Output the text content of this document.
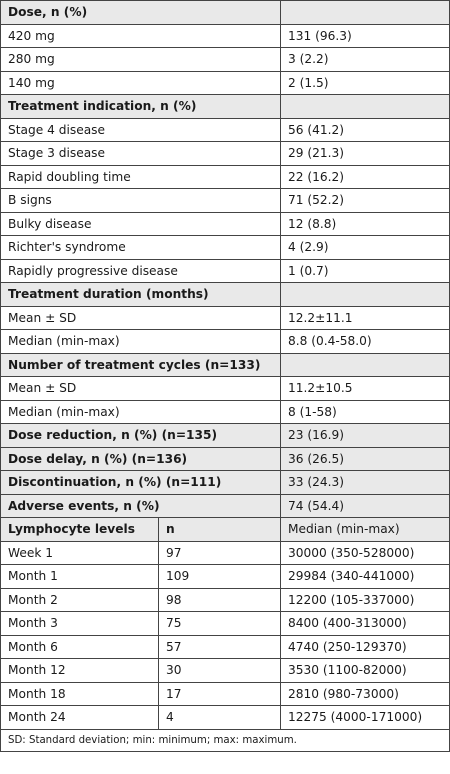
Dose, n (%)		
420 mg		131 (96.3)
280 mg		3 (2.2)
140 mg		2 (1.5)
Treatment indication, n (%)		
Stage 4 disease		56 (41.2)
Stage 3 disease		29 (21.3)
Rapid doubling time		22 (16.2)
B signs		71 (52.2)
Bulky disease		12 (8.8)
Richter's syndrome		4 (2.9)
Rapidly progressive disease		1 (0.7)
Treatment duration (months)		
Mean ± SD		12.2±11.1
Median (min-max)		8.8 (0.4-58.0)
Number of treatment cycles (n=133)		
Mean ± SD		11.2±10.5
Median (min-max)		8 (1-58)
Dose reduction, n (%) (n=135)		23 (16.9)
Dose delay, n (%) (n=136)		36 (26.5)
Discontinuation, n (%) (n=111)		33 (24.3)
Adverse events, n (%)		74 (54.4)
Lymphocyte levels	n	Median (min-max)
Week 1	97	30000 (350-528000)
Month 1	109	29984 (340-441000)
Month 2	98	12200 (105-337000)
Month 3	75	8400 (400-313000)
Month 6	57	4740 (250-129370)
Month 12	30	3530 (1100-82000)
Month 18	17	2810 (980-73000)
Month 24	4	12275 (4000-171000)
SD: Standard deviation; min: minimum; max: maximum.		
